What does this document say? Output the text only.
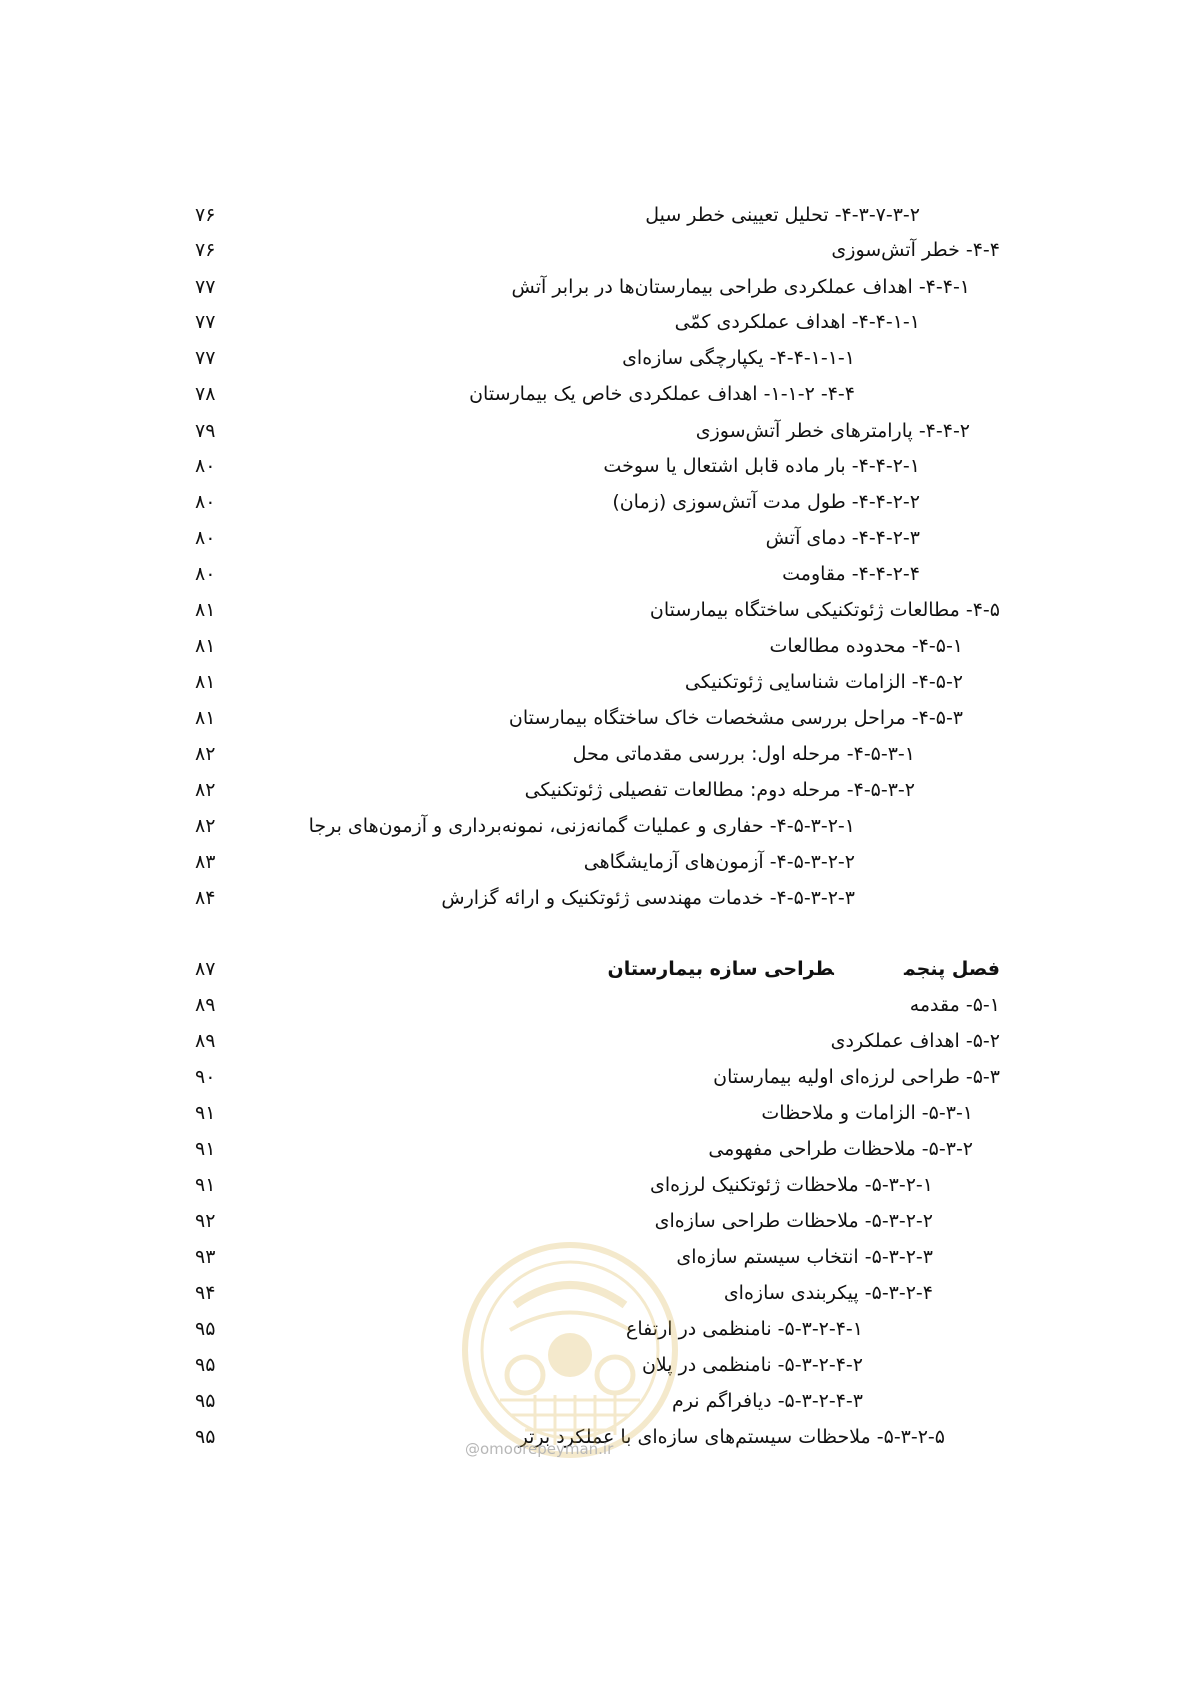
۷۶	۴-۳-۷-۳-۲- تحلیل تعیینی خطر سیل
۷۶	۴-۴- خطر آتش‌سوزی
۷۷	۴-۴-۱- اهداف عملکردی طراحی بیمارستان‌ها در برابر آتش
۷۷	۴-۴-۱-۱- اهداف عملکردی کمّی
۷۷	۴-۴-۱-۱-۱- یکپارچگی سازه‌ای
۷۸	۴-۴- ۱-۱-۲- اهداف عملکردی خاص یک بیمارستان
۷۹	۴-۴-۲- پارامترهای خطر آتش‌سوزی
۸۰	۴-۴-۲-۱- بار ماده قابل اشتعال یا سوخت
۸۰	۴-۴-۲-۲- طول مدت آتش‌سوزی (زمان)
۸۰	۴-۴-۲-۳- دمای آتش
۸۰	۴-۴-۲-۴- مقاومت
۸۱	۴-۵- مطالعات ژئوتکنیکی ساختگاه بیمارستان
۸۱	۴-۵-۱- محدوده مطالعات
۸۱	۴-۵-۲- الزامات شناسایی ژئوتکنیکی
۸۱	۴-۵-۳- مراحل بررسی مشخصات خاک ساختگاه بیمارستان
۸۲	۴-۵-۳-۱- مرحله اول: بررسی مقدماتی محل
۸۲	۴-۵-۳-۲- مرحله دوم: مطالعات تفصیلی ژئوتکنیکی
۸۲	۴-۵-۳-۲-۱- حفاری و عملیات گمانه‌زنی، نمونه‌برداری و آزمون‌های برجا
۸۳	۴-۵-۳-۲-۲- آزمون‌های آزمایشگاهی
۸۴	۴-۵-۳-۲-۳- خدمات مهندسی ژئوتکنیک و ارائه گزارش
۸۷	فصل پنجمطراحی سازه بیمارستان
۸۹	۵-۱- مقدمه
۸۹	۵-۲- اهداف عملکردی
۹۰	۵-۳- طراحی لرزه‌ای اولیه بیمارستان
۹۱	۵-۳-۱- الزامات و ملاحظات
۹۱	۵-۳-۲- ملاحظات طراحی مفهومی
۹۱	۵-۳-۲-۱- ملاحظات ژئوتکنیک لرزه‌ای
۹۲	۵-۳-۲-۲- ملاحظات طراحی سازه‌ای
۹۳	۵-۳-۲-۳- انتخاب سیستم سازه‌ای
۹۴	۵-۳-۲-۴- پیکربندی سازه‌ای
۹۵	۵-۳-۲-۴-۱- نامنظمی در ارتفاع
۹۵	۵-۳-۲-۴-۲- نامنظمی در پلان
۹۵	۵-۳-۲-۴-۳- دیافراگم نرم
۹۵	۵-۳-۲-۵- ملاحظات سیستم‌های سازه‌ای با عملکرد برتر
@omoorepeyman.ir
